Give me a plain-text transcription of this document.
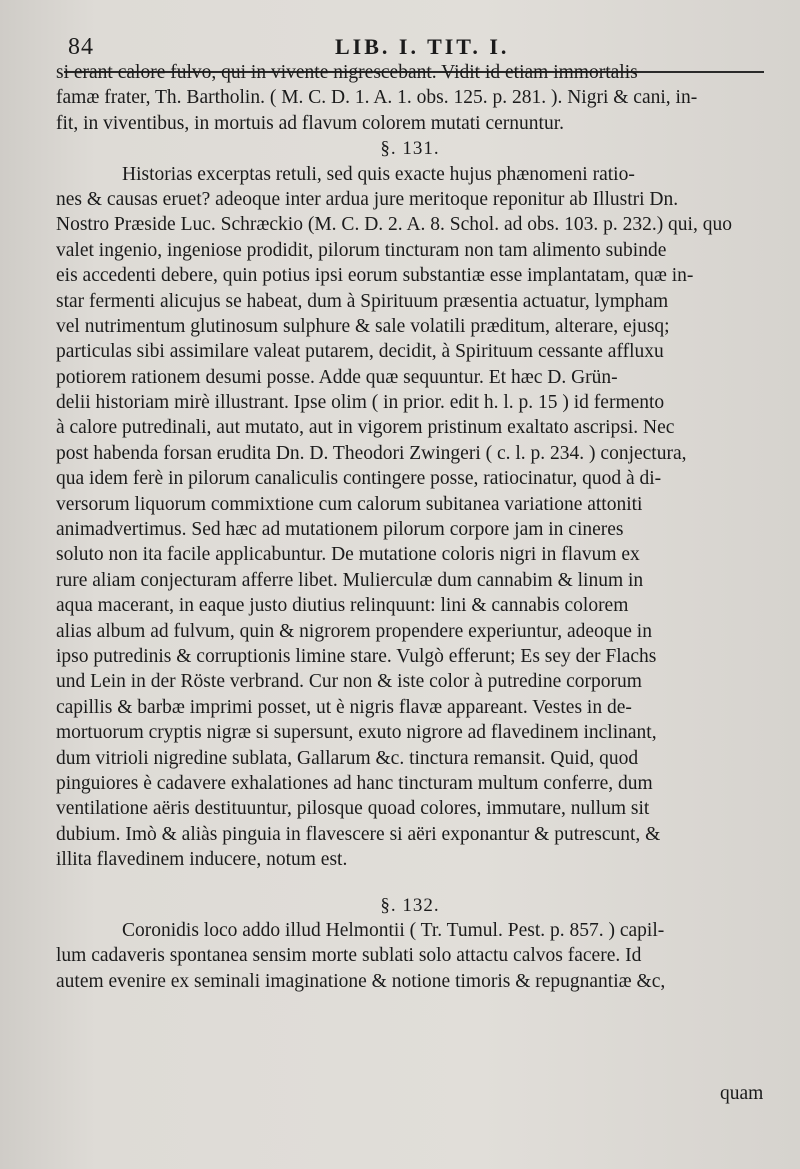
84	LIB. I. TIT. I.
si erant calore fulvo, qui in vivente nigrescebant. Vidit id etiam immortalis
famæ frater, Th. Bartholin. ( M. C. D. 1. A. 1. obs. 125. p. 281. ). Nigri & cani, in-
fit, in viventibus, in mortuis ad flavum colorem mutati cernuntur.
§. 131.
Historias excerptas retuli, sed quis exacte hujus phænomeni ratio-
nes & causas eruet? adeoque inter ardua jure meritoque reponitur ab Illustri Dn.
Nostro Præside Luc. Schræckio (M. C. D. 2. A. 8. Schol. ad obs. 103. p. 232.) qui, quo
valet ingenio, ingeniose prodidit, pilorum tincturam non tam alimento subinde
eis accedenti debere, quin potius ipsi eorum substantiæ esse implantatam, quæ in-
star fermenti alicujus se habeat, dum à Spirituum præsentia actuatur, lympham
vel nutrimentum glutinosum sulphure & sale volatili præditum, alterare, ejusq;
particulas sibi assimilare valeat putarem, decidit, à Spirituum cessante affluxu
potiorem rationem desumi posse. Adde quæ sequuntur. Et hæc D. Grün-
delii historiam mirè illustrant. Ipse olim ( in prior. edit h. l. p. 15 ) id fermento
à calore putredinali, aut mutato, aut in vigorem pristinum exaltato ascripsi. Nec
post habenda forsan erudita Dn. D. Theodori Zwingeri ( c. l. p. 234. ) conjectura,
qua idem ferè in pilorum canaliculis contingere posse, ratiocinatur, quod à di-
versorum liquorum commixtione cum calorum subitanea variatione attoniti
animadvertimus. Sed hæc ad mutationem pilorum corpore jam in cineres
soluto non ita facile applicabuntur. De mutatione coloris nigri in flavum ex
rure aliam conjecturam afferre libet. Mulierculæ dum cannabim & linum in
aqua macerant, in eaque justo diutius relinquunt: lini & cannabis colorem
alias album ad fulvum, quin & nigrorem propendere experiuntur, adeoque in
ipso putredinis & corruptionis limine stare. Vulgò efferunt; Es sey der Flachs
und Lein in der Röste verbrand. Cur non & iste color à putredine corporum
capillis & barbæ imprimi posset, ut è nigris flavæ appareant. Vestes in de-
mortuorum cryptis nigræ si supersunt, exuto nigrore ad flavedinem inclinant,
dum vitrioli nigredine sublata, Gallarum &c. tinctura remansit. Quid, quod
pinguiores è cadavere exhalationes ad hanc tincturam multum conferre, dum
ventilatione aëris destituuntur, pilosque quoad colores, immutare, nullum sit
dubium. Imò & aliàs pinguia in flavescere si aëri exponantur & putrescunt, &
illita flavedinem inducere, notum est.
§. 132.
Coronidis loco addo illud Helmontii ( Tr. Tumul. Pest. p. 857. ) capil-
lum cadaveris spontanea sensim morte sublati solo attactu calvos facere. Id
autem evenire ex seminali imaginatione & notione timoris & repugnantiæ &c,
quam
